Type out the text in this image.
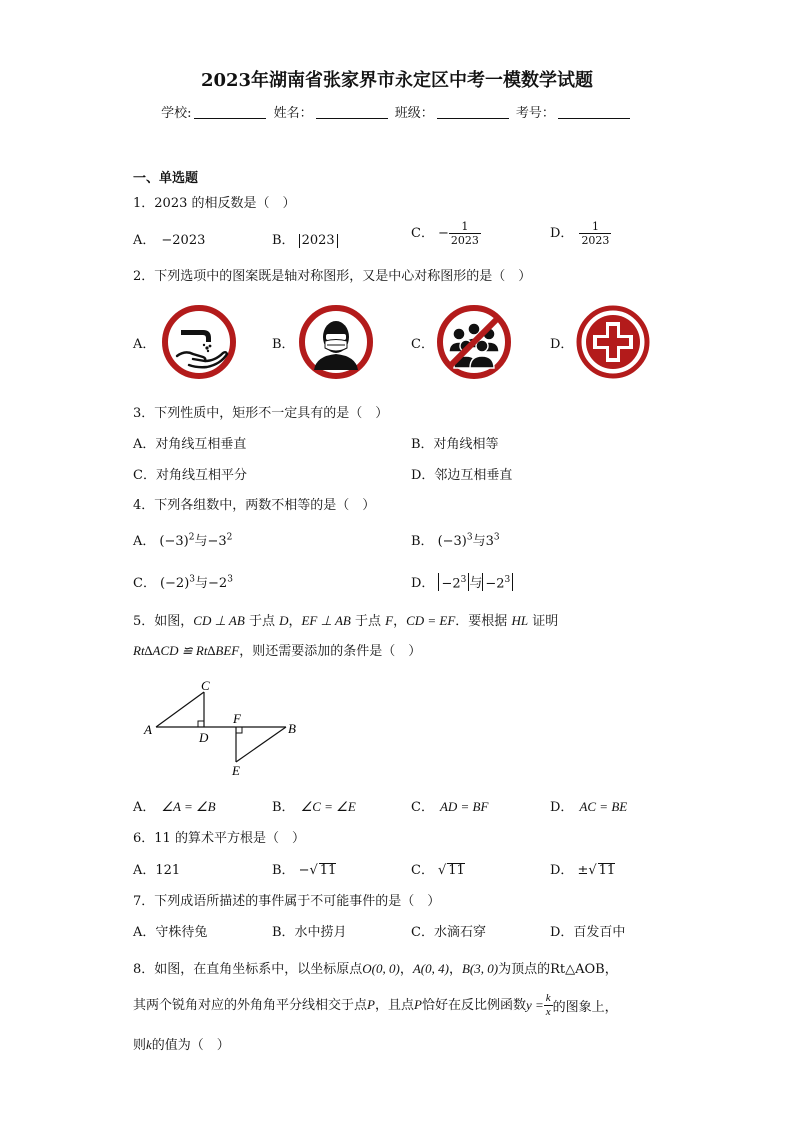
2023年湖南省张家界市永定区中考一模数学试题
学校:	姓名：	班级：	考号：
一、单选题
1．2023 的相反数是（　）
A． −2023	B． 2023	C． − $\frac{1}{2023}$	D． $\frac{1}{2023}$
2．下列选项中的图案既是轴对称图形，又是中心对称图形的是（　）
A．	B．	C．	D．
3．下列性质中，矩形不一定具有的是（　）
A．对角线互相垂直	B．对角线相等
C．对角线互相平分	D．邻边互相垂直
4．下列各组数中，两数不相等的是（　）
A． $(-3)^2$与$-3^2$	B． $(-3)^3$与$3^3$
C． $(-2)^3$与$-2^3$	D． $-2^3$ 与 $-2^3$
5．如图，CD ⊥ AB 于点 D，EF ⊥ AB 于点 F，CD = EF．要根据 HL 证明
Rt∆ACD ≌ Rt∆BEF，则还需要添加的条件是（　）
A
C
D
F
B
E
A． ∠A = ∠B	B． ∠C = ∠E	C． AD = BF	D． AC = BE
6．11 的算术平方根是（　）
A．121	B． −√ 11	C． √ 11	D． ±√ 11
7．下列成语所描述的事件属于不可能事件的是（　）
A．守株待兔	B．水中捞月	C．水滴石穿	D．百发百中
8．如图，在直角坐标系中，以坐标原点O(0, 0)，A(0, 4)，B(3, 0)为顶点的Rt△AOB，
其两个锐角对应的外角角平分线相交于点P，且点P恰好在反比例函数$y = \frac{k}{x}$ 的图象上，
则k的值为（　）
